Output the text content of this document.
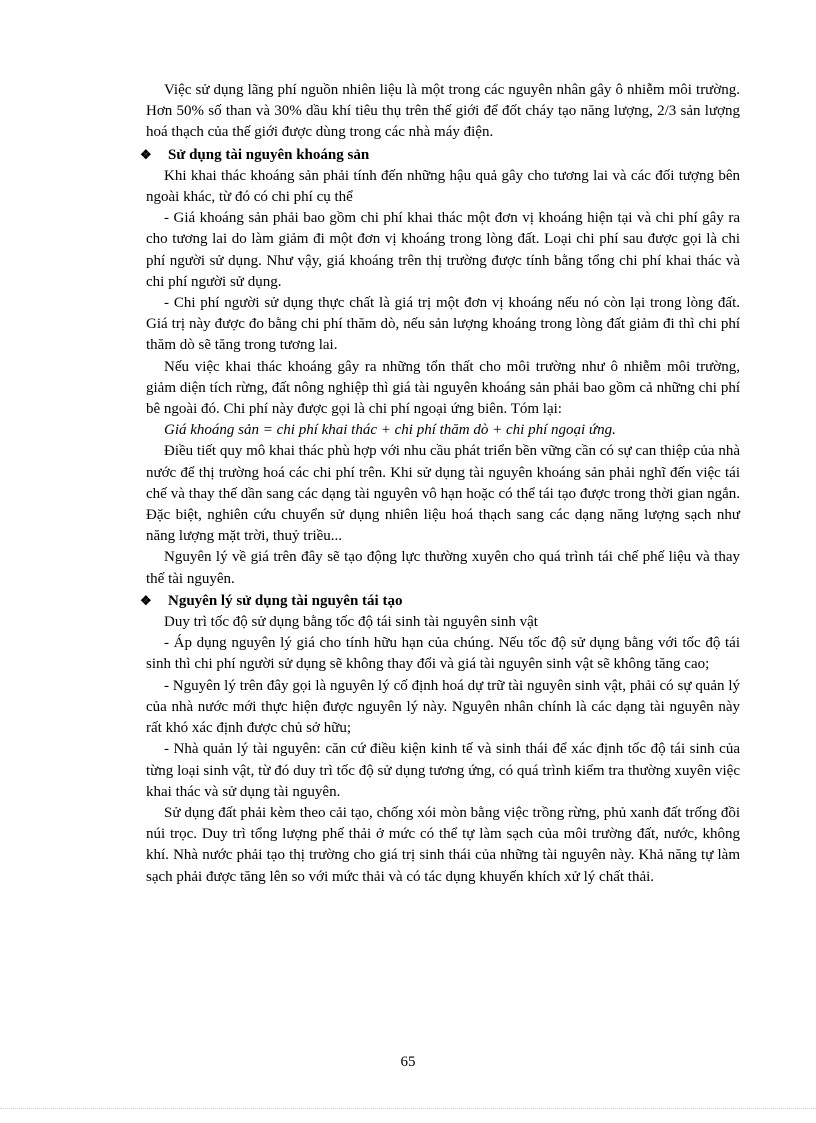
Việc sử dụng lãng phí nguồn nhiên liệu là một trong các nguyên nhân gây ô nhiễm môi trường. Hơn 50% số than và 30% dầu khí tiêu thụ trên thế giới để đốt cháy tạo năng lượng, 2/3 sản lượng hoá thạch của thế giới được dùng trong các nhà máy điện.

❖	Sử dụng tài nguyên khoáng sản

Khi khai thác khoáng sản phải tính đến những hậu quả gây cho tương lai và các đối tượng bên ngoài khác, từ đó có chi phí cụ thể

- Giá khoáng sản phải bao gồm chi phí khai thác một đơn vị khoáng hiện tại và chi phí gây ra cho tương lai do làm giảm đi một đơn vị khoáng trong lòng đất. Loại chi phí sau được gọi là chi phí người sử dụng. Như vậy, giá khoáng trên thị trường được tính bằng tổng chi phí khai thác và chi phí người sử dụng.

- Chi phí người sử dụng thực chất là giá trị một đơn vị khoáng nếu nó còn lại trong lòng đất. Giá trị này được đo bằng chi phí thăm dò, nếu sản lượng khoáng trong lòng đất giảm đi thì chi phí thăm dò sẽ tăng trong tương lai.

Nếu việc khai thác khoáng gây ra những tổn thất cho môi trường như ô nhiễm môi trường, giảm diện tích rừng, đất nông nghiệp thì giá tài nguyên khoáng sản phải bao gồm cả những chi phí bê ngoài đó. Chi phí này được gọi là chi phí ngoại ứng biên. Tóm lại:

Giá khoáng sản = chi phí khai thác + chi phí thăm dò + chi phí ngoại ứng.

Điều tiết quy mô khai thác phù hợp với nhu cầu phát triển bền vững cần có sự can thiệp của nhà nước để thị trường hoá các chi phí trên. Khi sử dụng tài nguyên khoáng sản phải nghĩ đến việc tái chế và thay thế dần sang các dạng tài nguyên vô hạn hoặc có thể tái tạo được trong thời gian ngắn. Đặc biệt, nghiên cứu chuyển sử dụng nhiên liệu hoá thạch sang các dạng năng lượng sạch như năng lượng mặt trời, thuỷ triều...

Nguyên lý về giá trên đây sẽ tạo động lực thường xuyên cho quá trình tái chế phế liệu và thay thế tài nguyên.

❖	Nguyên lý sử dụng tài nguyên tái tạo

Duy trì tốc độ sử dụng bằng tốc độ tái sinh tài nguyên sinh vật

- Áp dụng nguyên lý giá cho tính hữu hạn của chúng. Nếu tốc độ sử dụng bằng với tốc độ tái sinh thì chi phí người sử dụng sẽ không thay đổi và giá tài nguyên sinh vật sẽ không tăng cao;

- Nguyên lý trên đây gọi là nguyên lý cố định hoá dự trữ tài nguyên sinh vật, phải có sự quản lý của nhà nước mới thực hiện được nguyên lý này. Nguyên nhân chính là các dạng tài nguyên này rất khó xác định được chủ sở hữu;

- Nhà quản lý tài nguyên: căn cứ điều kiện kinh tế và sinh thái để xác định tốc độ tái sinh của từng loại sinh vật, từ đó duy trì tốc độ sử dụng tương ứng, có quá trình kiểm tra thường xuyên việc khai thác và sử dụng tài nguyên.

Sử dụng đất phải kèm theo cải tạo, chống xói mòn bằng việc trồng rừng, phủ xanh đất trống đồi núi trọc. Duy trì tổng lượng phế thải ở mức có thể tự làm sạch của môi trường đất, nước, không khí. Nhà nước phải tạo thị trường cho giá trị sinh thái của những tài nguyên này. Khả năng tự làm sạch phải được tăng lên so với mức thải và có tác dụng khuyến khích xử lý chất thải.

65
